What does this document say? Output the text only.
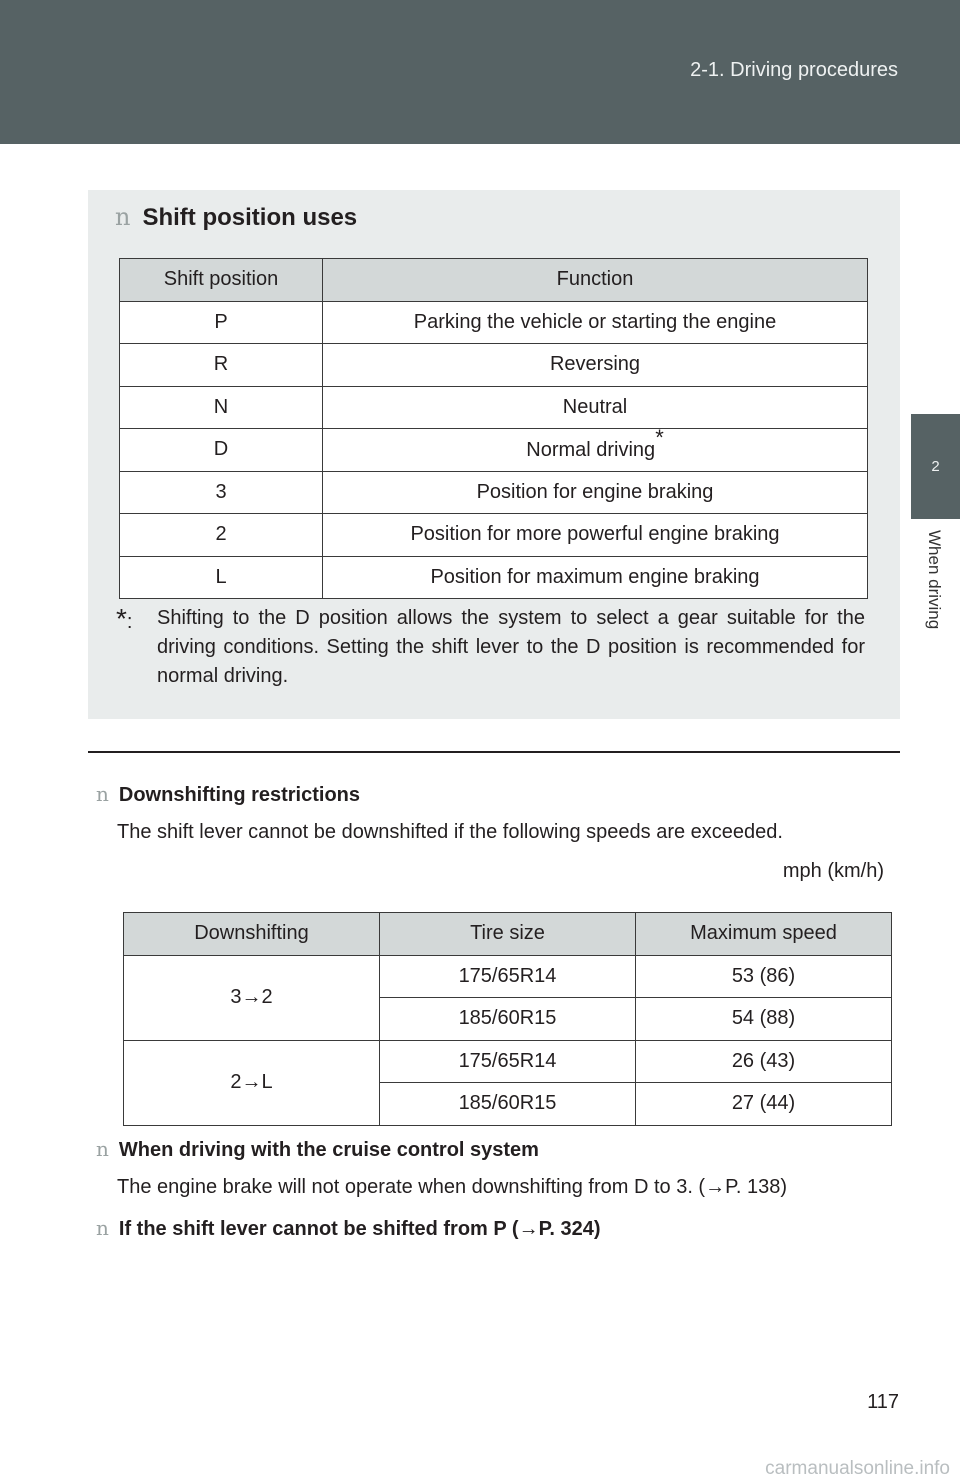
2-1. Driving procedures
2
When driving
n Shift position uses
Shift position	Function
P	Parking the vehicle or starting the engine
R	Reversing
N	Neutral
D	Normal driving*
3	Position for engine braking
2	Position for more powerful engine braking
L	Position for maximum engine braking
*: Shifting to the D position allows the system to select a gear suitable for the driving conditions. Setting the shift lever to the D position is recommended for normal driving.
n Downshifting restrictions
The shift lever cannot be downshifted if the following speeds are exceeded.
mph (km/h)
Downshifting	Tire size	Maximum speed
3→2	175/65R14	53 (86)
	185/60R15	54 (88)
2→L	175/65R14	26 (43)
	185/60R15	27 (44)
n When driving with the cruise control system
The engine brake will not operate when downshifting from D to 3. (→P. 138)
n If the shift lever cannot be shifted from P (→P. 324)
117
carmanualsonline.info
